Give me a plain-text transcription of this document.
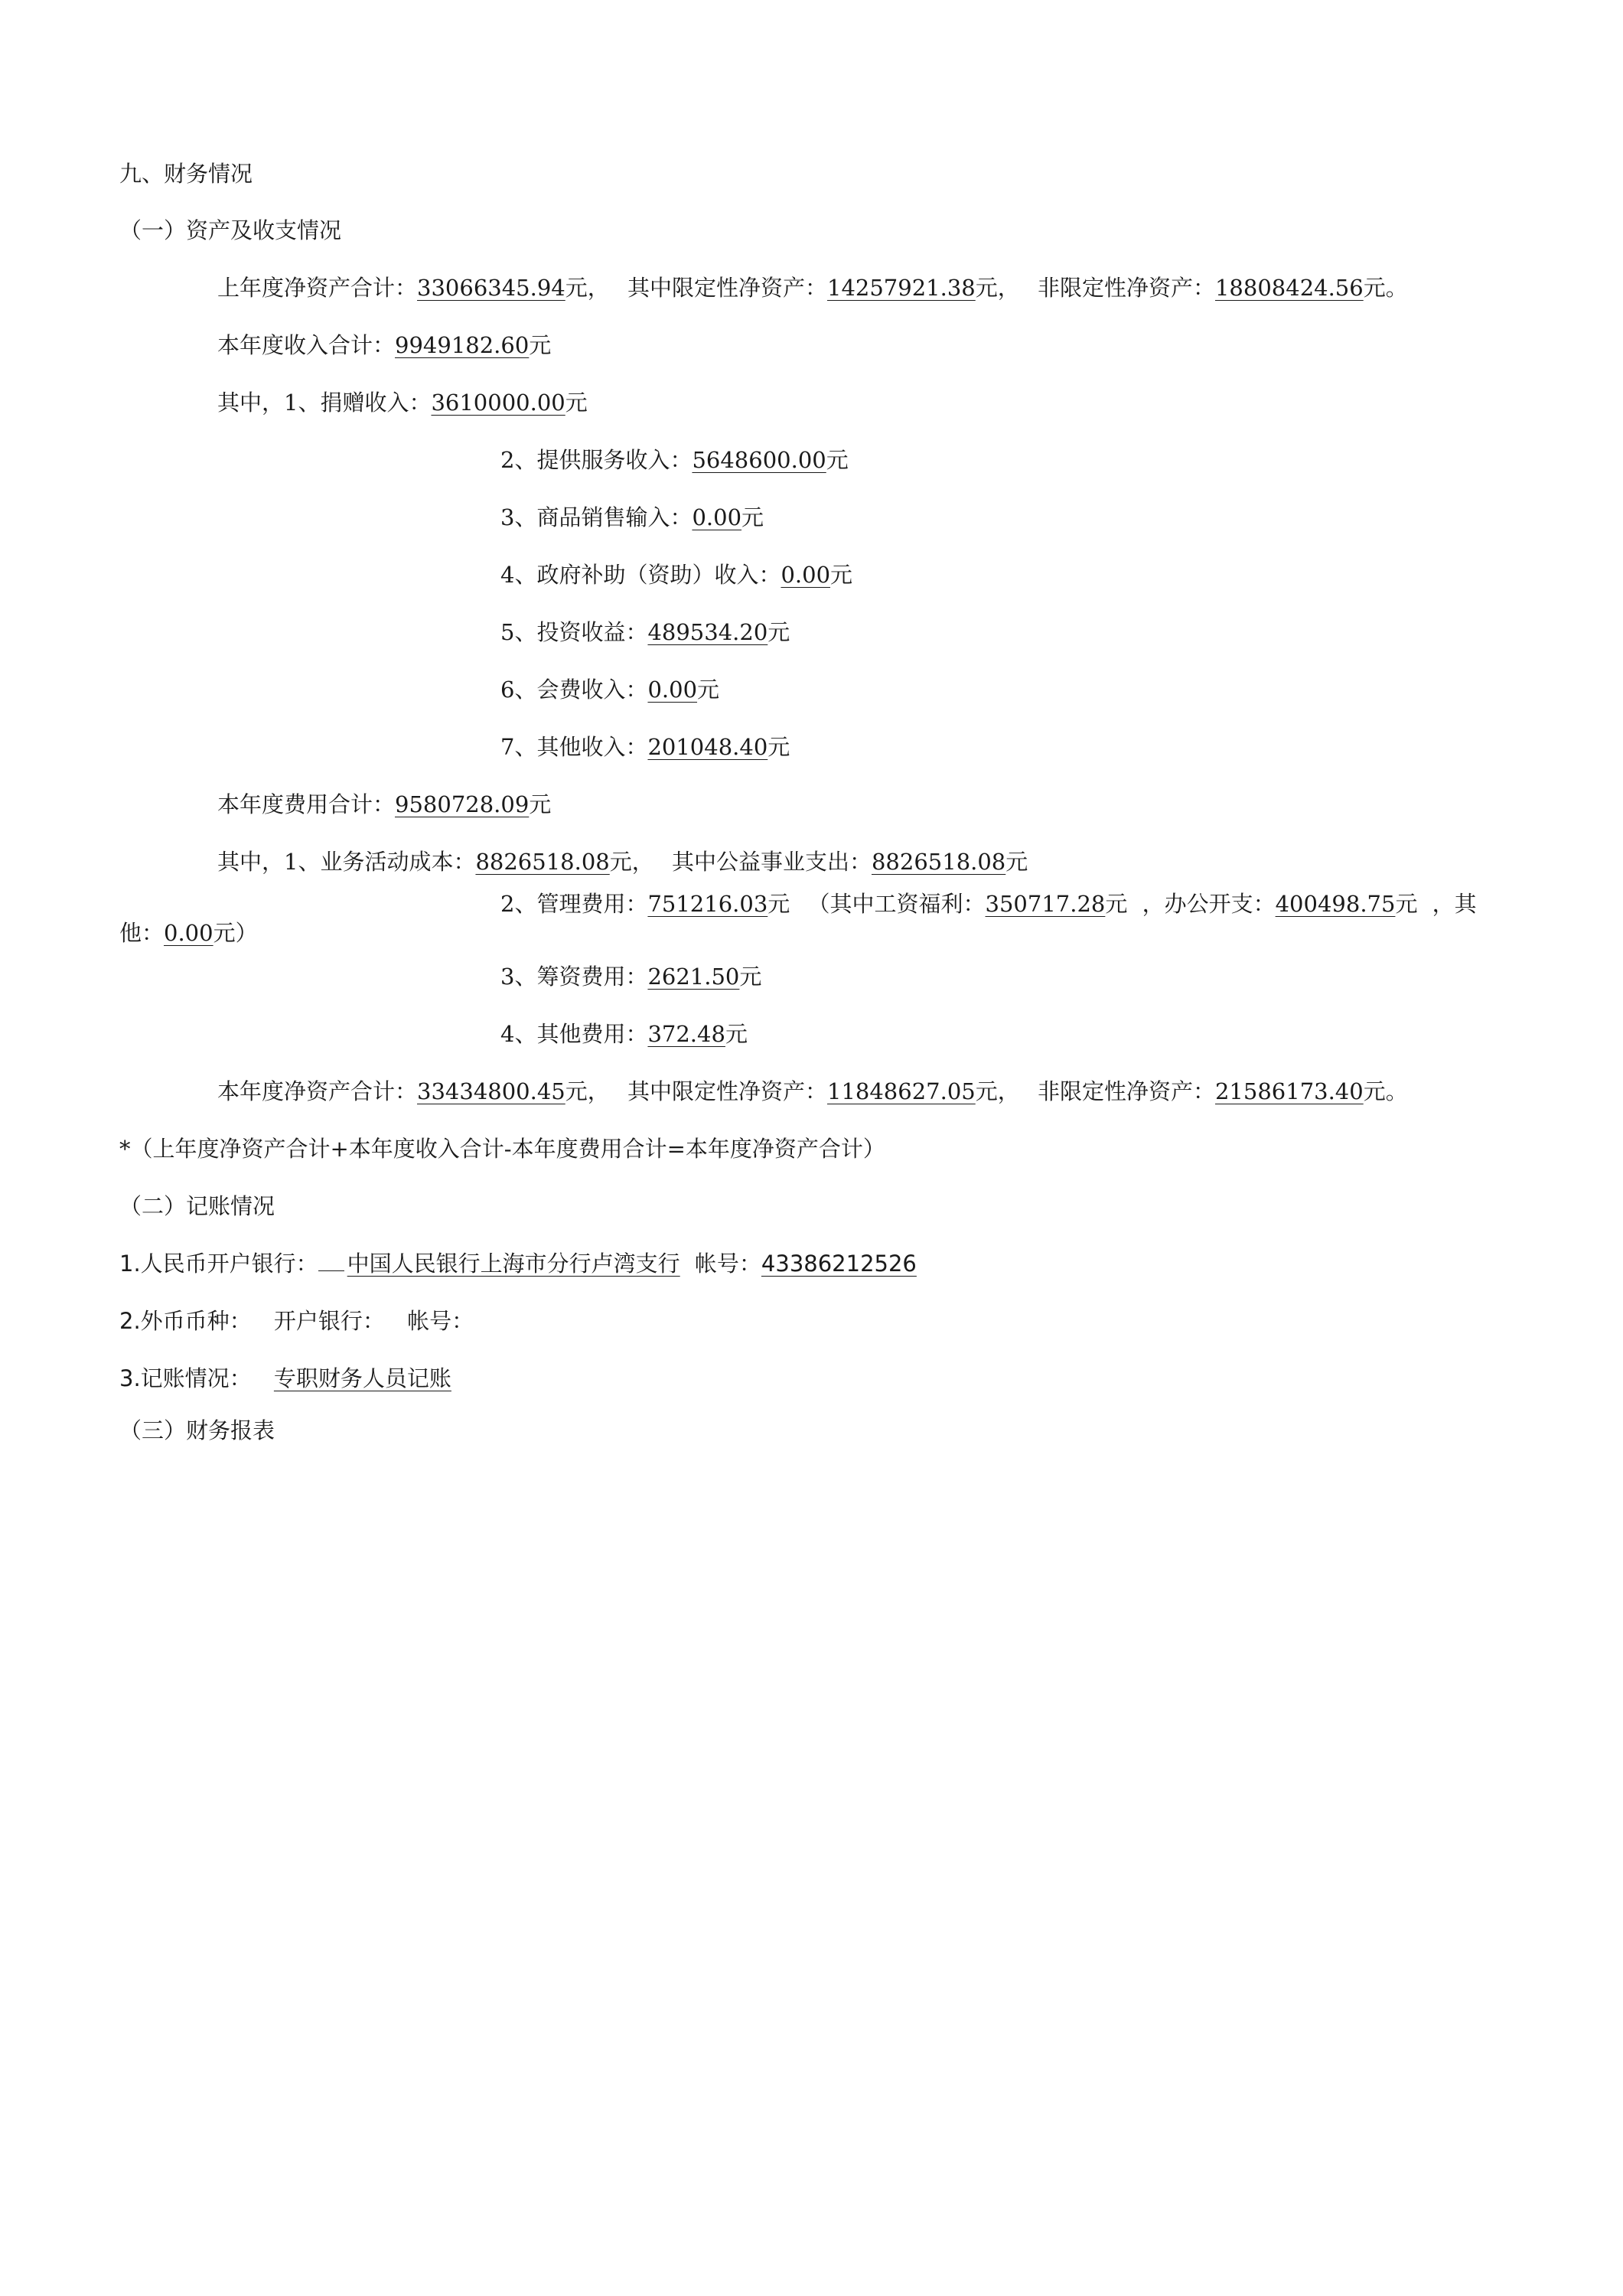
九、财务情况
（一）资产及收支情况
上年度净资产合计：33066345.94元， 其中限定性净资产：14257921.38元， 非限定性净资产：18808424.56元。
本年度收入合计：9949182.60元
其中，1、捐赠收入：3610000.00元
2、提供服务收入：5648600.00元
3、商品销售输入：0.00元
4、政府补助（资助）收入：0.00元
5、投资收益：489534.20元
6、会费收入：0.00元
7、其他收入：201048.40元
本年度费用合计：9580728.09元
其中，1、业务活动成本：8826518.08元， 其中公益事业支出：8826518.08元
2、管理费用：751216.03元 （其中工资福利：350717.28元 ，办公开支：400498.75元 ，其
他：0.00元）
3、筹资费用：2621.50元
4、其他费用：372.48元
本年度净资产合计：33434800.45元， 其中限定性净资产：11848627.05元， 非限定性净资产：21586173.40元。
*（上年度净资产合计+本年度收入合计-本年度费用合计=本年度净资产合计）
（二）记账情况
1.人民币开户银行： 中国人民银行上海市分行卢湾支行 帐号：43386212526
2.外币币种： 开户银行： 帐号：
3.记账情况： 专职财务人员记账
（三）财务报表
